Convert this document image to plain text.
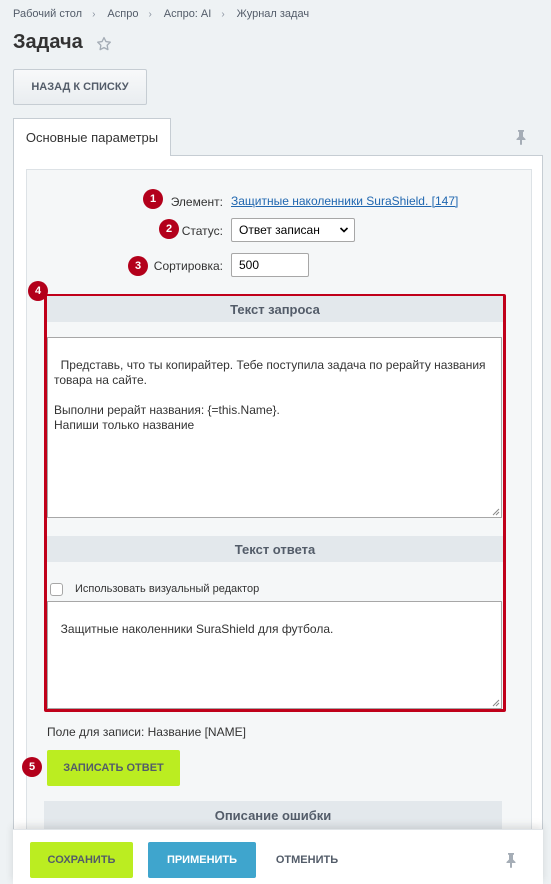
Рабочий стол › Аспро › Аспро: AI › Журнал задач
Задача
НАЗАД К СПИСКУ
Основные параметры
1	Элемент: Защитные наколенники SuraShield. [147]
2 Статус: Ответ записан
3	Сортировка:	500
4
Текст запроса

Представь, что ты копирайтер. Тебе поступила задача по рерайту названия товара на сайте.

Выполни рерайт названия: {=this.Name}.
Напиши только название

Текст ответа
Использовать визуальный редактор

Защитные наколенники SuraShield для футбола.

Поле для записи: Название [NAME]
5	ЗАПИСАТЬ ОТВЕТ
Описание ошибки
СОХРАНИТЬ	ПРИМЕНИТЬ	ОТМЕНИТЬ
